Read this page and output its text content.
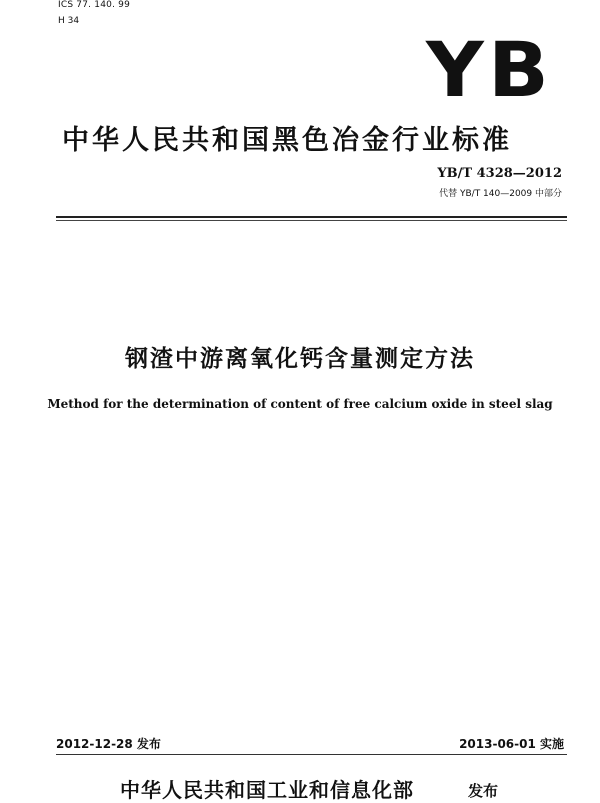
ICS 77. 140. 99
H 34
YB
中华人民共和国黑色冶金行业标准
YB/T 4328—2012
代替 YB/T 140—2009 中部分
钢渣中游离氧化钙含量测定方法
Method for the determination of content of free calcium oxide in steel slag
2012-12-28 发布	2013-06-01 实施
中华人民共和国工业和信息化部	发布
